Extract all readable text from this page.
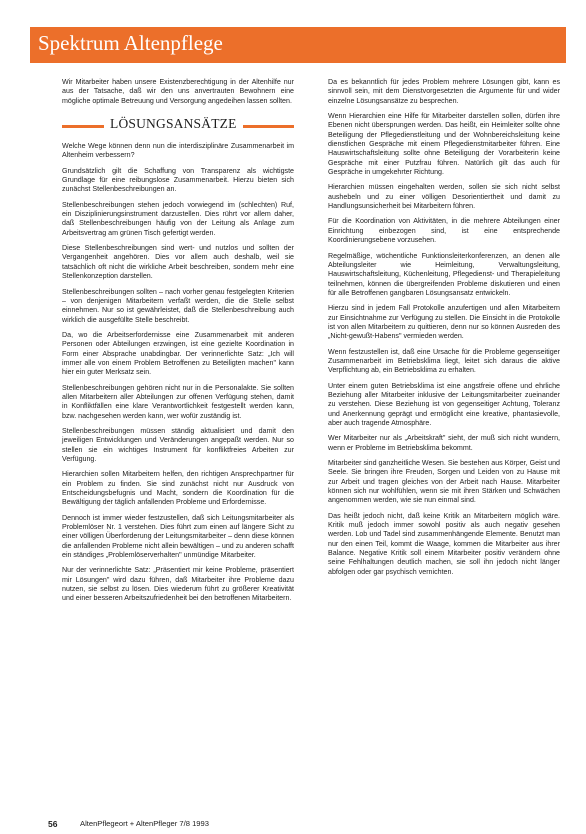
Spektrum Altenpflege

Wir Mitarbeiter haben unsere Existenzberechtigung in der Altenhilfe nur aus der Tatsache, daß wir den uns anvertrauten Bewohnern eine mögliche optimale Betreuung und Versorgung angedeihen lassen sollten.

LÖSUNGSANSÄTZE

Welche Wege können denn nun die interdisziplinäre Zusammenarbeit im Altenheim verbessern?

Grundsätzlich gilt die Schaffung von Transparenz als wichtigste Grundlage für eine reibungslose Zusammenarbeit. Hierzu bieten sich zunächst Stellenbeschreibungen an.

Stellenbeschreibungen stehen jedoch vorwiegend im (schlechten) Ruf, ein Disziplinierungsinstrument darzustellen. Dies rührt vor allem daher, daß Stellenbeschreibungen häufig von der Leitung als Anlage zum Arbeitsvertrag am grünen Tisch gefertigt werden.

Diese Stellenbeschreibungen sind wert- und nutzlos und sollten der Vergangenheit angehören. Dies vor allem auch deshalb, weil sie tatsächlich oft nicht die wirkliche Arbeit beschreiben, sondern mehr eine Stellenkonzeption darstellen.

Stellenbeschreibungen sollten – nach vorher genau festgelegten Kriterien – von denjenigen Mitarbeitern verfaßt werden, die die Stelle selbst einnehmen. Nur so ist gewährleistet, daß die Stellenbeschreibung auch wirklich die ausgefüllte Stelle beschreibt.

Da, wo die Arbeitserfordernisse eine Zusammenarbeit mit anderen Personen oder Abteilungen erzwingen, ist eine gezielte Koordination in Form einer Absprache unabdingbar. Der verinnerlichte Satz: „Ich will immer alle von einem Problem Betroffenen zu Beteiligten machen" kann hier ein guter Merksatz sein.

Stellenbeschreibungen gehören nicht nur in die Personalakte. Sie sollten allen Mitarbeitern aller Abteilungen zur offenen Verfügung stehen, damit in Konfliktfällen eine klare Verantwortlichkeit festgestellt werden kann, bzw. nachgesehen werden kann, wer wofür zuständig ist.

Stellenbeschreibungen müssen ständig aktualisiert und damit den jeweiligen Entwicklungen und Veränderungen angepaßt werden. Nur so stellen sie ein wichtiges Instrument für konfliktfreies Arbeiten zur Verfügung.

Hierarchien sollen Mitarbeitern helfen, den richtigen Ansprechpartner für ein Problem zu finden. Sie sind zunächst nicht nur Ausdruck von Entscheidungsbefugnis und Macht, sondern die Koordination für die Bewältigung der täglich anfallenden Probleme und Erfordernisse.

Dennoch ist immer wieder festzustellen, daß sich Leitungsmitarbeiter als Problemlöser Nr. 1 verstehen. Dies führt zum einen auf längere Sicht zu einer völligen Überforderung der Leitungsmitarbeiter – denn diese können die anfallenden Probleme nicht allein bewältigen – und zu anderen schafft ein ständiges „Problemlöserverhalten" unmündige Mitarbeiter.

Nur der verinnerlichte Satz: „Präsentiert mir keine Probleme, präsentiert mir Lösungen" wird dazu führen, daß Mitarbeiter ihre Probleme dazu nutzen, sie selbst zu lösen. Dies wiederum führt zu größerer Kreativität und einer besseren Arbeitszufriedenheit bei den betroffenen Mitarbeitern.

Da es bekanntlich für jedes Problem mehrere Lösungen gibt, kann es sinnvoll sein, mit dem Dienstvorgesetzten die Argumente für und wider einzelne Lösungsansätze zu besprechen.

Wenn Hierarchien eine Hilfe für Mitarbeiter darstellen sollen, dürfen ihre Ebenen nicht übersprungen werden. Das heißt, ein Heimleiter sollte ohne Beteiligung der Pflegedienstleitung und der Wohnbereichsleitung keine dienstlichen Gespräche mit einem Pflegedienstmitarbeiter führen. Eine Hauswirtschaftsleitung sollte ohne Beteiligung der Vorarbeiterin keine Gespräche mit einer Putzfrau führen. Natürlich gilt das auch für Gespräche in umgekehrter Richtung.

Hierarchien müssen eingehalten werden, sollen sie sich nicht selbst aushebeln und zu einer völligen Desorientiertheit und damit zu Handlungsunsicherheit bei Mitarbeitern führen.

Für die Koordination von Aktivitäten, in die mehrere Abteilungen einer Einrichtung einbezogen sind, ist eine entsprechende Koordinierungsebene vorzusehen.

Regelmäßige, wöchentliche Funktionsleiterkonferenzen, an denen alle Abteilungsleiter wie Heimleitung, Verwaltungsleitung, Hauswirtschaftsleitung, Küchenleitung, Pflegedienst- und Therapieleitung teilnehmen, können die übergreifenden Probleme diskutieren und einen für alle Betroffenen gangbaren Lösungsansatz entwickeln.

Hierzu sind in jedem Fall Protokolle anzufertigen und allen Mitarbeitern zur Einsichtnahme zur Verfügung zu stellen. Die Einsicht in die Protokolle ist von allen Mitarbeitern zu quittieren, denn nur so können Ausreden des „Nicht-gewußt-Habens" vermieden werden.

Wenn festzustellen ist, daß eine Ursache für die Probleme gegenseitiger Zusammenarbeit im Betriebsklima liegt, leitet sich daraus die aktive Verpflichtung ab, ein Betriebsklima zu erhalten.

Unter einem guten Betriebsklima ist eine angstfreie offene und ehrliche Beziehung aller Mitarbeiter inklusive der Leitungsmitarbeiter zueinander zu verstehen. Diese Beziehung ist von gegenseitiger Achtung, Toleranz und Anerkennung geprägt und ermöglicht eine kreative, phantasievolle, aber auch tragende Atmosphäre.

Wer Mitarbeiter nur als „Arbeitskraft" sieht, der muß sich nicht wundern, wenn er Probleme im Betriebsklima bekommt.

Mitarbeiter sind ganzheitliche Wesen. Sie bestehen aus Körper, Geist und Seele. Sie bringen ihre Freuden, Sorgen und Leiden von zu Hause mit zur Arbeit und tragen gleiches von der Arbeit nach Hause. Mitarbeiter können sich nur wohlfühlen, wenn sie mit ihren Stärken und Schwächen angenommen werden, wie sie nun einmal sind.

Das heißt jedoch nicht, daß keine Kritik an Mitarbeitern möglich wäre. Kritik muß jedoch immer sowohl positiv als auch negativ gesehen werden. Lob und Tadel sind zusammenhängende Elemente. Benutzt man nur den einen Teil, kommt die Waage, kommen die Mitarbeiter aus ihrer Balance. Negative Kritik soll einem Mitarbeiter positiv verändern ohne seine Fehlhaltungen deutlich machen, sie soll ihn jedoch nicht länger abfolgen oder gar psychisch vernichten.

56	AltenPflegeort + AltenPfleger 7/8 1993
